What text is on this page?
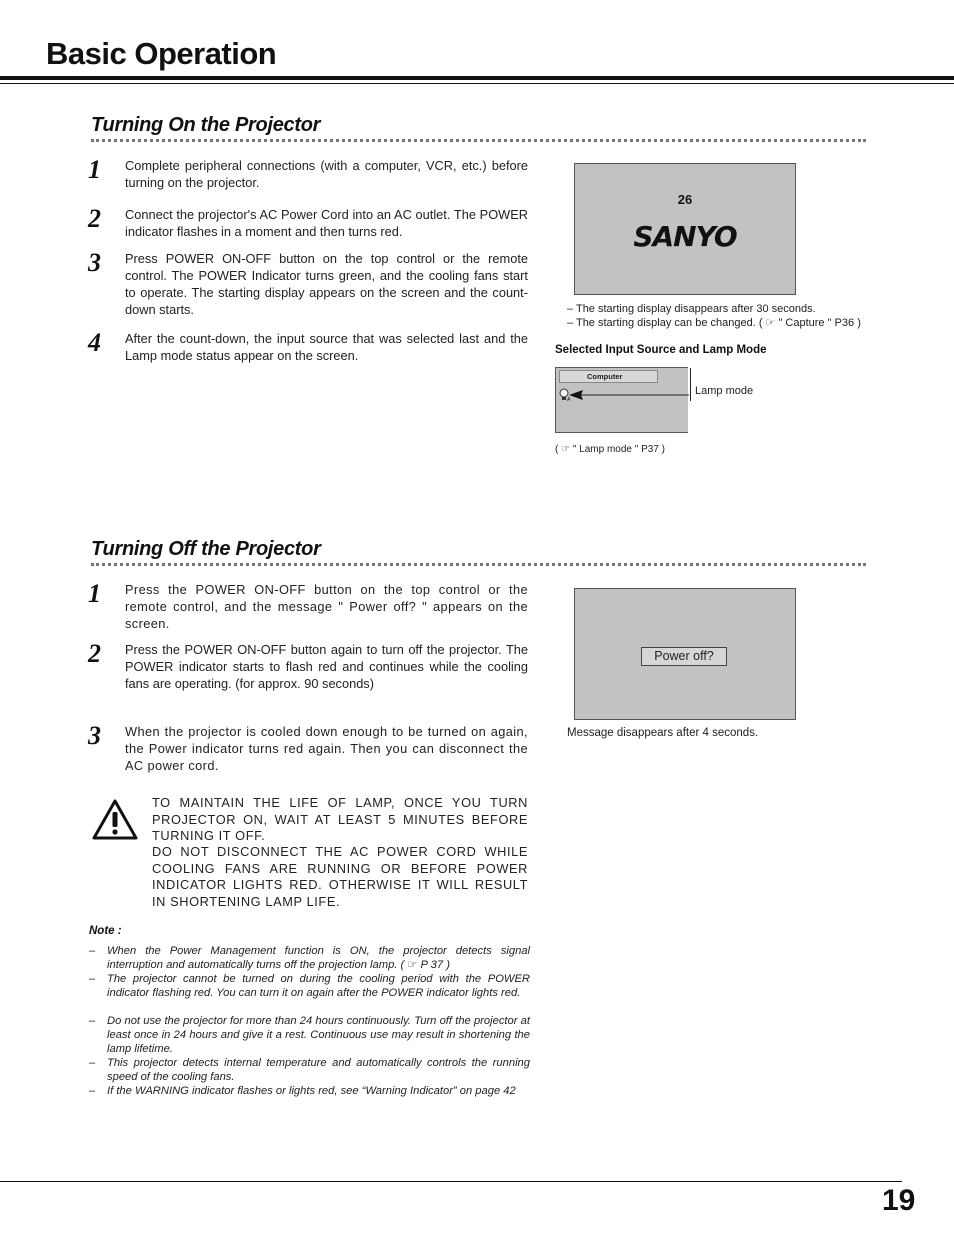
Basic Operation
Turning On the Projector
1 Complete peripheral connections (with a computer, VCR, etc.) before turning on the projector.
2 Connect the projector's AC Power Cord into an AC outlet. The POWER indicator flashes in a moment and then turns red.
3 Press POWER ON-OFF button on the top control or the remote control. The POWER Indicator turns green, and the cooling fans start to operate. The starting display appears on the screen and the count-down starts.
4 After the count-down, the input source that was selected last and the Lamp mode status appear on the screen.
26
SANYO
– The starting display disappears after 30 seconds.
– The starting display can be changed. ( ☞ " Capture " P36 )
Selected Input Source and Lamp Mode
Computer
A
Lamp mode
( ☞ " Lamp mode " P37 )
Turning Off the Projector
1 Press the POWER ON-OFF button on the top control or the remote control, and the message " Power off? " appears on the screen.
2 Press the POWER ON-OFF button again to turn off the projector. The POWER indicator starts to flash red and continues while the cooling fans are operating. (for approx. 90 seconds)
3 When the projector is cooled down enough to be turned on again, the Power indicator turns red again. Then you can disconnect the AC power cord.
Power off?
Message disappears after 4 seconds.
TO MAINTAIN THE LIFE OF LAMP, ONCE YOU TURN PROJECTOR ON, WAIT AT LEAST 5 MINUTES BEFORE TURNING IT OFF.
DO NOT DISCONNECT THE AC POWER CORD WHILE COOLING FANS ARE RUNNING OR BEFORE POWER INDICATOR LIGHTS RED. OTHERWISE IT WILL RESULT IN SHORTENING LAMP LIFE.
Note :
– When the Power Management function is ON, the projector detects signal interruption and automatically turns off the projection lamp. ( ☞ P 37 )
– The projector cannot be turned on during the cooling period with the POWER indicator flashing red. You can turn it on again after the POWER indicator lights red.
– Do not use the projector for more than 24 hours continuously. Turn off the projector at least once in 24 hours and give it a rest. Continuous use may result in shortening the lamp lifetime.
– This projector detects internal temperature and automatically controls the running speed of the cooling fans.
– If the WARNING indicator flashes or lights red, see “Warning Indicator” on page 42
19
